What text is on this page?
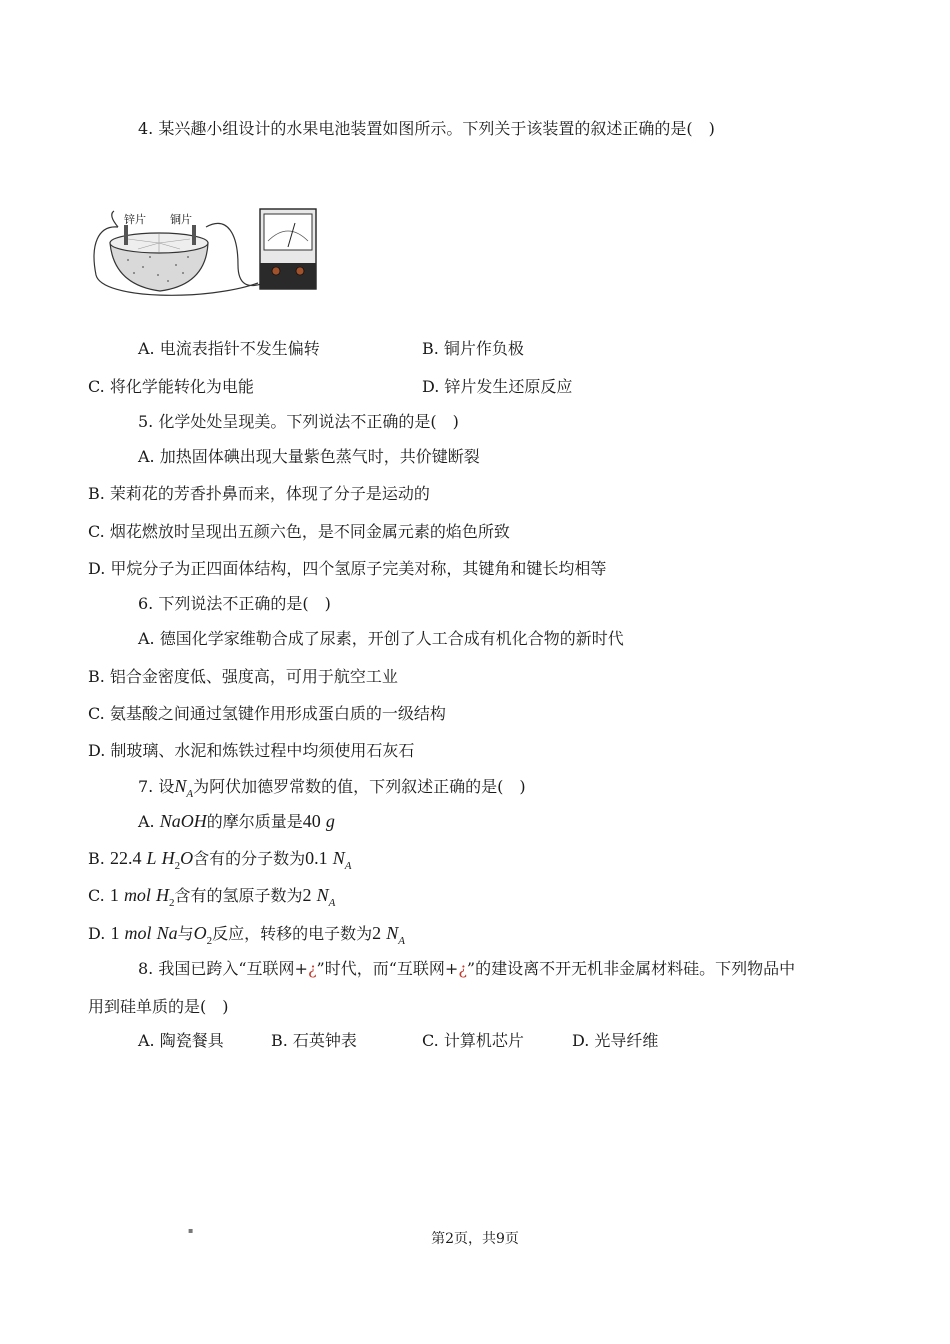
4. 某兴趣小组设计的水果电池装置如图所示。下列关于该装置的叙述正确的是(　)
锌片 铜片
A. 电流表指针不发生偏转	B. 铜片作负极
C. 将化学能转化为电能	D. 锌片发生还原反应
5. 化学处处呈现美。下列说法不正确的是(　)
A. 加热固体碘出现大量紫色蒸气时，共价键断裂
B. 茉莉花的芳香扑鼻而来，体现了分子是运动的
C. 烟花燃放时呈现出五颜六色，是不同金属元素的焰色所致
D. 甲烷分子为正四面体结构，四个氢原子完美对称，其键角和键长均相等
6. 下列说法不正确的是(　)
A. 德国化学家维勒合成了尿素，开创了人工合成有机化合物的新时代
B. 铝合金密度低、强度高，可用于航空工业
C. 氨基酸之间通过氢键作用形成蛋白质的一级结构
D. 制玻璃、水泥和炼铁过程中均须使用石灰石
7. 设$N_A$为阿伏加德罗常数的值，下列叙述正确的是(　)
A. NaOH的摩尔质量是40 g
B. 22.4 L $H_2O$含有的分子数为0.1 $N_A$
C. 1 mol $H_2$含有的氢原子数为2 $N_A$
D. 1 mol Na与$O_2$反应，转移的电子数为2 $N_A$
8. 我国已跨入“互联网+¿”时代，而“互联网+¿”的建设离不开无机非金属材料硅。下列物品中
用到硅单质的是(　)
A. 陶瓷餐具	B. 石英钟表	C. 计算机芯片	D. 光导纤维
▪
第2页，共9页
